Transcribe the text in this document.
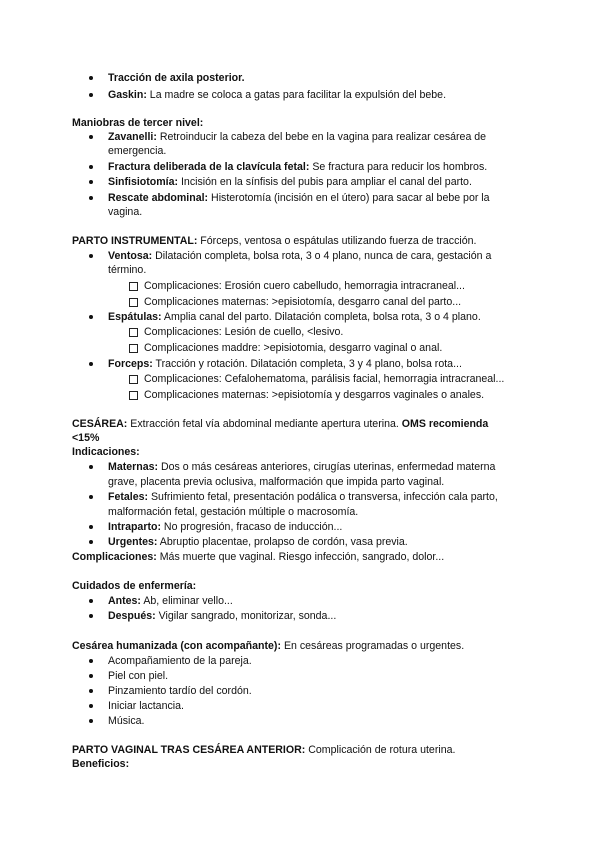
Tracción de axila posterior.
Gaskin: La madre se coloca a gatas para facilitar la expulsión del bebe.
Maniobras de tercer nivel:
Zavanelli: Retroinducir la cabeza del bebe en la vagina para realizar cesárea de
emergencia.
Fractura deliberada de la clavícula fetal: Se fractura para reducir los hombros.
Sinfisiotomía: Incisión en la sínfisis del pubis para ampliar el canal del parto.
Rescate abdominal: Histerotomía (incisión en el útero) para sacar al bebe por la
vagina.
PARTO INSTRUMENTAL: Fórceps, ventosa o espátulas utilizando fuerza de tracción.
Ventosa: Dilatación completa, bolsa rota, 3 o 4 plano, nunca de cara, gestación a
término.
Complicaciones: Erosión cuero cabelludo, hemorragia intracraneal...
Complicaciones maternas: >episiotomía, desgarro canal del parto...
Espátulas: Amplia canal del parto. Dilatación completa, bolsa rota, 3 o 4 plano.
Complicaciones: Lesión de cuello, <lesivo.
Complicaciones maddre: >episiotomia, desgarro vaginal o anal.
Forceps: Tracción y rotación. Dilatación completa, 3 y 4 plano, bolsa rota...
Complicaciones: Cefalohematoma, parálisis facial, hemorragia intracraneal...
Complicaciones maternas: >episiotomía y desgarros vaginales o anales.
CESÁREA: Extracción fetal vía abdominal mediante apertura uterina. OMS recomienda
<15%
Indicaciones:
Maternas: Dos o más cesáreas anteriores, cirugías uterinas, enfermedad materna
grave, placenta previa oclusiva, malformación que impida parto vaginal.
Fetales: Sufrimiento fetal, presentación podálica o transversa, infección cala parto,
malformación fetal, gestación múltiple o macrosomía.
Intraparto: No progresión, fracaso de inducción...
Urgentes: Abruptio placentae, prolapso de cordón, vasa previa.
Complicaciones: Más muerte que vaginal. Riesgo infección, sangrado, dolor...
Cuidados de enfermería:
Antes: Ab, eliminar vello...
Después: Vigilar sangrado, monitorizar, sonda...
Cesárea humanizada (con acompañante): En cesáreas programadas o urgentes.
Acompañamiento de la pareja.
Piel con piel.
Pinzamiento tardío del cordón.
Iniciar lactancia.
Música.
PARTO VAGINAL TRAS CESÁREA ANTERIOR: Complicación de rotura uterina.
Beneficios:
